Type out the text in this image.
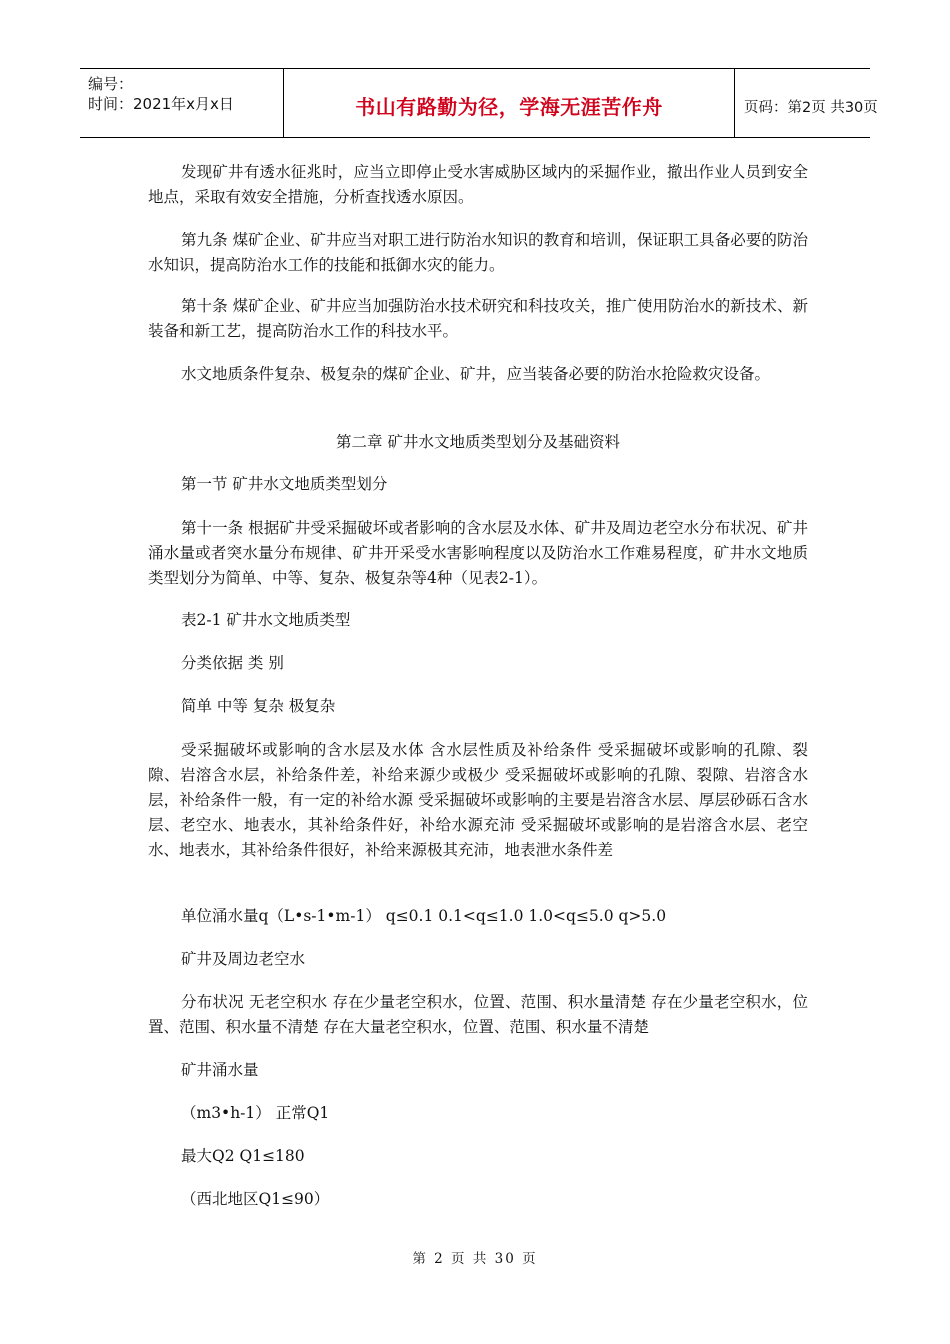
编号：
时间：2021年x月x日	书山有路勤为径，学海无涯苦作舟	页码：第2页 共30页

发现矿井有透水征兆时，应当立即停止受水害威胁区域内的采掘作业，撤出作业人员到安全地点，采取有效安全措施，分析查找透水原因。

第九条 煤矿企业、矿井应当对职工进行防治水知识的教育和培训，保证职工具备必要的防治水知识，提高防治水工作的技能和抵御水灾的能力。

第十条 煤矿企业、矿井应当加强防治水技术研究和科技攻关，推广使用防治水的新技术、新装备和新工艺，提高防治水工作的科技水平。

水文地质条件复杂、极复杂的煤矿企业、矿井，应当装备必要的防治水抢险救灾设备。

第二章 矿井水文地质类型划分及基础资料

第一节 矿井水文地质类型划分

第十一条 根据矿井受采掘破坏或者影响的含水层及水体、矿井及周边老空水分布状况、矿井涌水量或者突水量分布规律、矿井开采受水害影响程度以及防治水工作难易程度，矿井水文地质类型划分为简单、中等、复杂、极复杂等4种（见表2-1）。

表2-1 矿井水文地质类型

分类依据 类 别

简单 中等 复杂 极复杂

受采掘破坏或影响的含水层及水体 含水层性质及补给条件 受采掘破坏或影响的孔隙、裂隙、岩溶含水层，补给条件差，补给来源少或极少 受采掘破坏或影响的孔隙、裂隙、岩溶含水层，补给条件一般，有一定的补给水源 受采掘破坏或影响的主要是岩溶含水层、厚层砂砾石含水层、老空水、地表水，其补给条件好，补给水源充沛 受采掘破坏或影响的是岩溶含水层、老空水、地表水，其补给条件很好，补给来源极其充沛，地表泄水条件差

单位涌水量q（L•s-1•m-1） q≤0.1 0.1<q≤1.0 1.0<q≤5.0 q>5.0

矿井及周边老空水

分布状况 无老空积水 存在少量老空积水，位置、范围、积水量清楚 存在少量老空积水，位置、范围、积水量不清楚 存在大量老空积水，位置、范围、积水量不清楚

矿井涌水量

（m3•h-1） 正常Q1

最大Q2 Q1≤180

（西北地区Q1≤90）

第 2 页 共 30 页
